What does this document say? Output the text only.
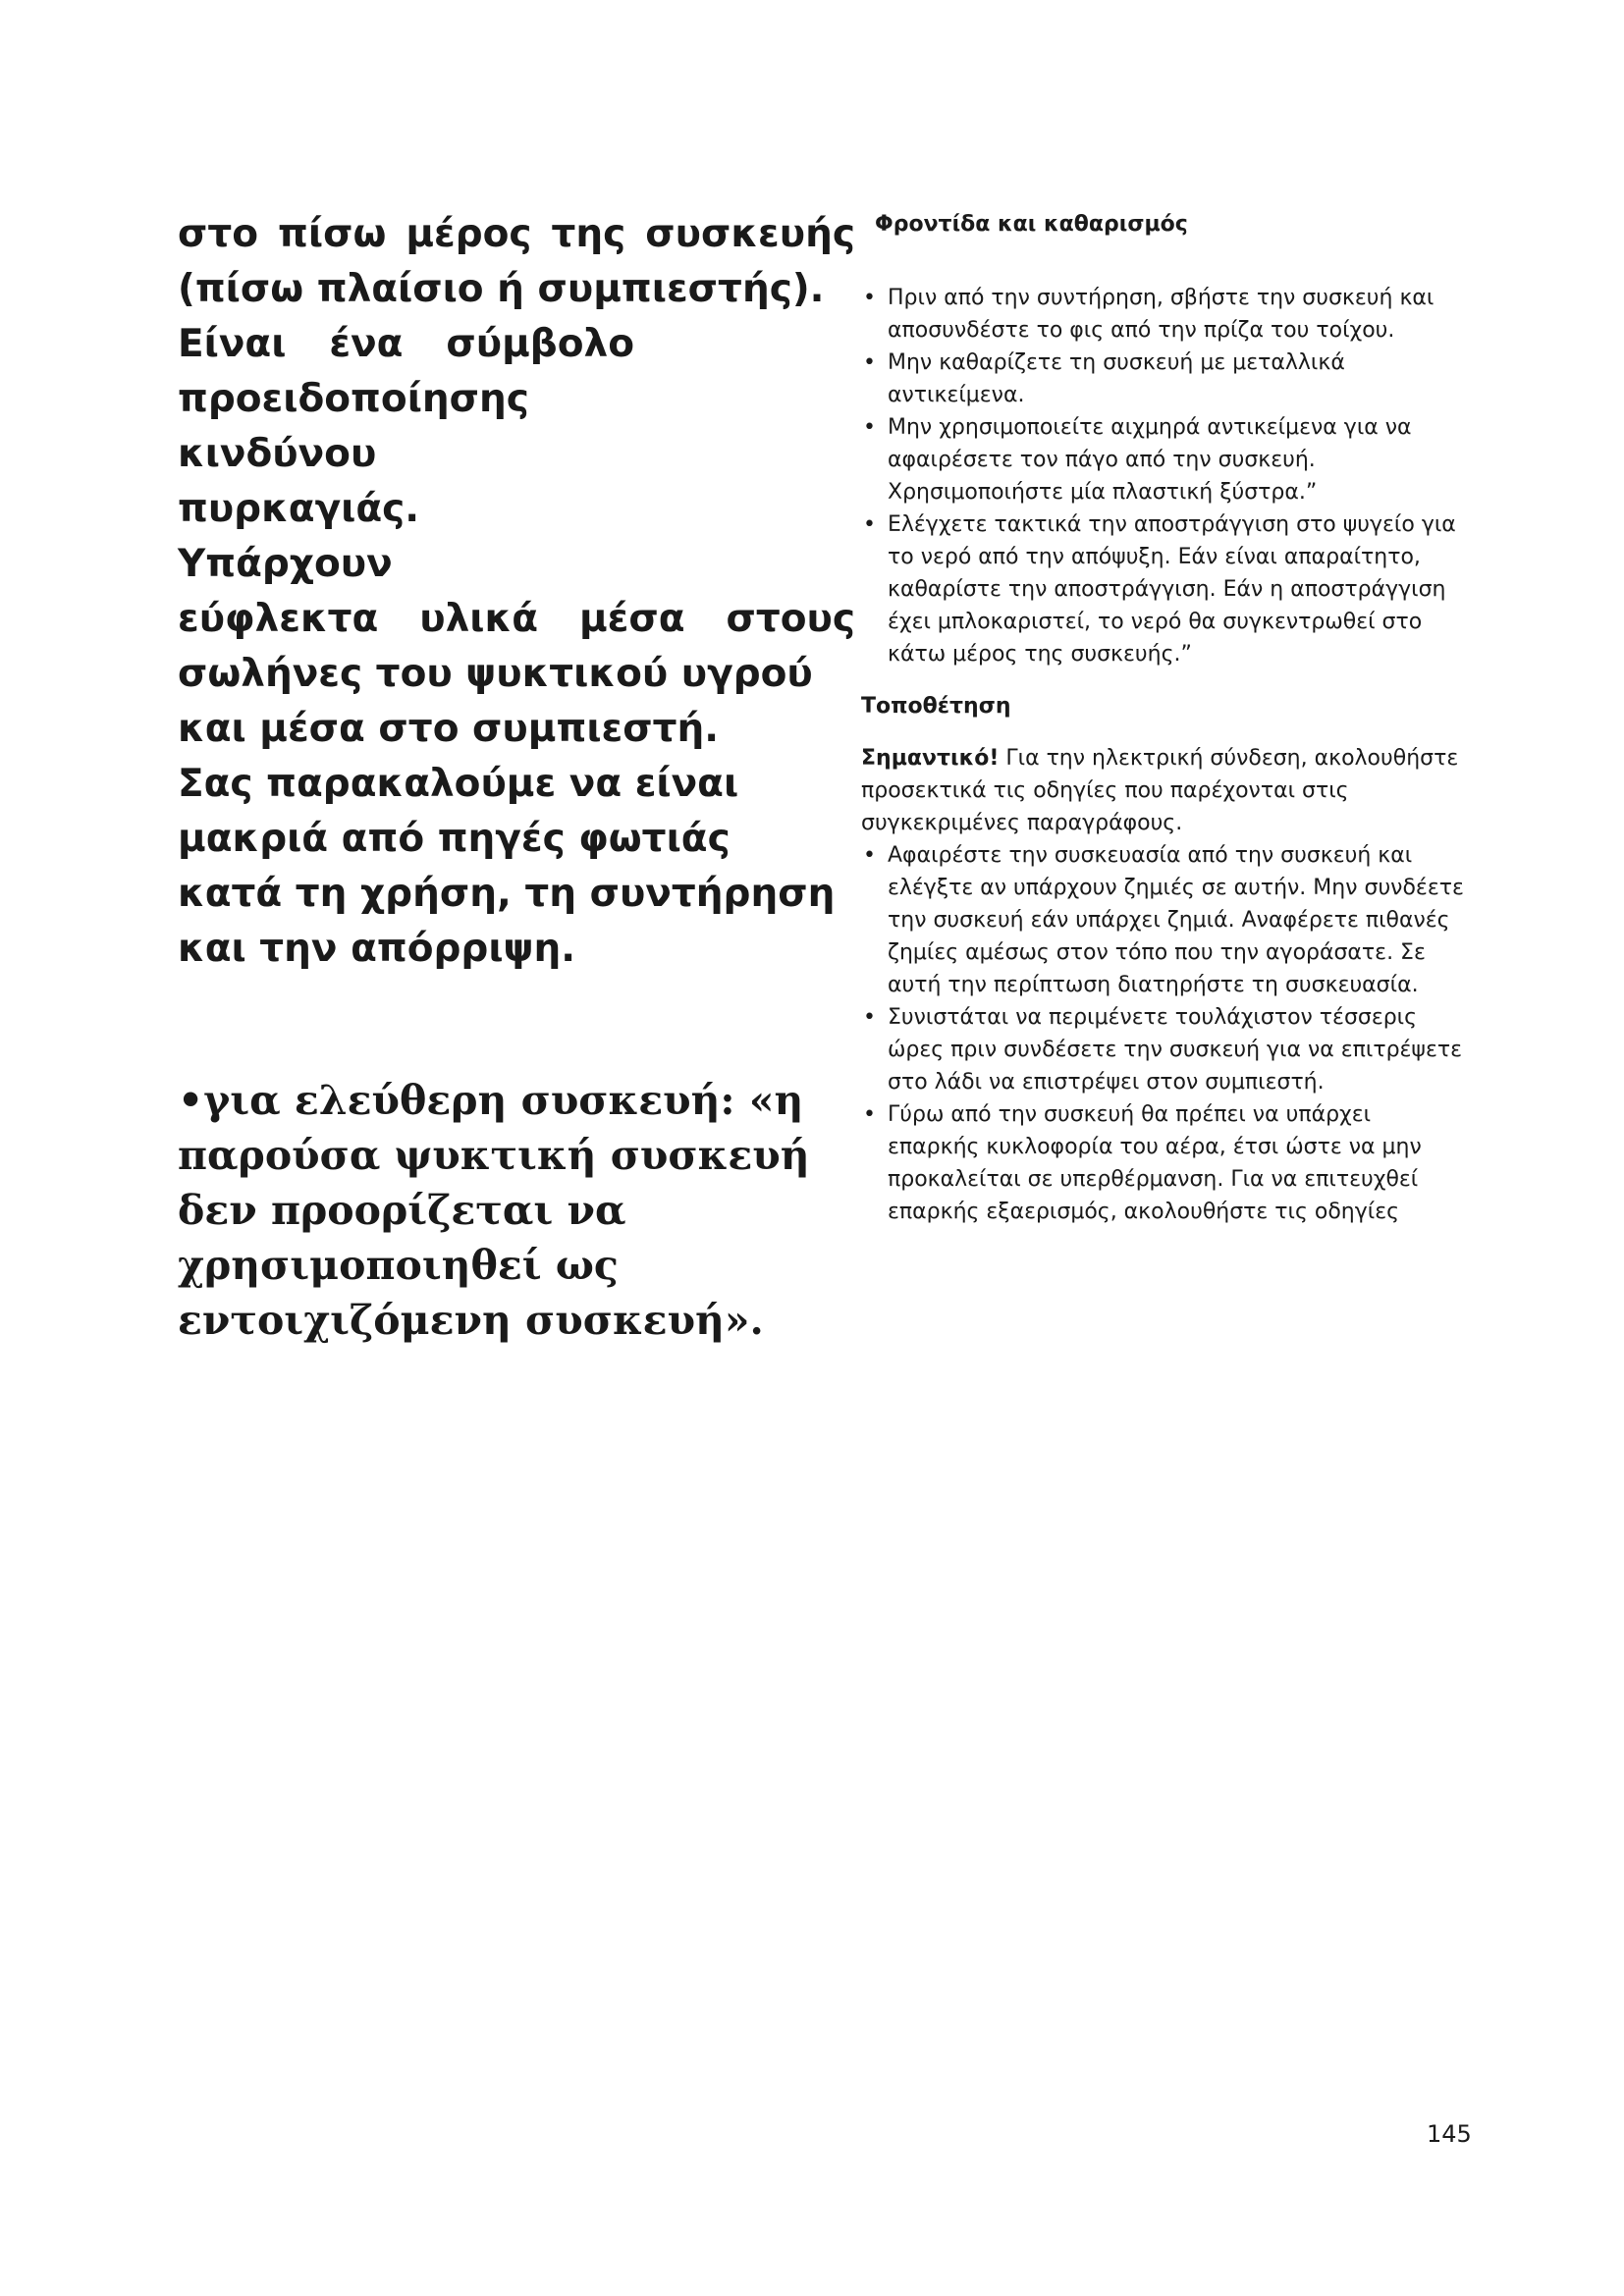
στο πίσω μέρος της συσκευής

(πίσω πλαίσιο ή συμπιεστής).

Είναι ένα σύμβολο

προειδοποίησης κινδύνου

πυρκαγιάς. Υπάρχουν

εύφλεκτα υλικά μέσα στους

σωλήνες του ψυκτικού υγρού

και μέσα στο συμπιεστή.

Σας παρακαλούμε να είναι

μακριά από πηγές φωτιάς

κατά τη χρήση, τη συντήρηση

και την απόρριψη.

•για ελεύθερη συσκευή: «η παρούσα ψυκτική συσκευή δεν προορίζεται να χρησιμοποιηθεί ως εντοιχιζόμενη συσκευή».

Φροντίδα και καθαρισμός
• Πριν από την συντήρηση, σβήστε την συσκευή και αποσυνδέστε το φις από την πρίζα του τοίχου.
• Μην καθαρίζετε τη συσκευή με μεταλλικά αντικείμενα.
• Μην χρησιμοποιείτε αιχμηρά αντικείμενα για να αφαιρέσετε τον πάγο από την συσκευή. Χρησιμοποιήστε μία πλαστική ξύστρα.”
• Ελέγχετε τακτικά την αποστράγγιση στο ψυγείο για το νερό από την απόψυξη. Εάν είναι απαραίτητο, καθαρίστε την αποστράγγιση. Εάν η αποστράγγιση έχει μπλοκαριστεί, το νερό θα συγκεντρωθεί στο κάτω μέρος της συσκευής.”
Τοποθέτηση

Σημαντικό! Για την ηλεκτρική σύνδεση, ακολουθήστε προσεκτικά τις οδηγίες που παρέχονται στις συγκεκριμένες παραγράφους.

• Αφαιρέστε την συσκευασία από την συσκευή και ελέγξτε αν υπάρχουν ζημιές σε αυτήν. Μην συνδέετε την συσκευή εάν υπάρχει ζημιά. Αναφέρετε πιθανές ζημίες αμέσως στον τόπο που την αγοράσατε. Σε αυτή την περίπτωση διατηρήστε τη συσκευασία.
• Συνιστάται να περιμένετε τουλάχιστον τέσσερις ώρες πριν συνδέσετε την συσκευή για να επιτρέψετε στο λάδι να επιστρέψει στον συμπιεστή.
• Γύρω από την συσκευή θα πρέπει να υπάρχει επαρκής κυκλοφορία του αέρα, έτσι ώστε να μην προκαλείται σε υπερθέρμανση. Για να επιτευχθεί επαρκής εξαερισμός, ακολουθήστε τις οδηγίες
145
